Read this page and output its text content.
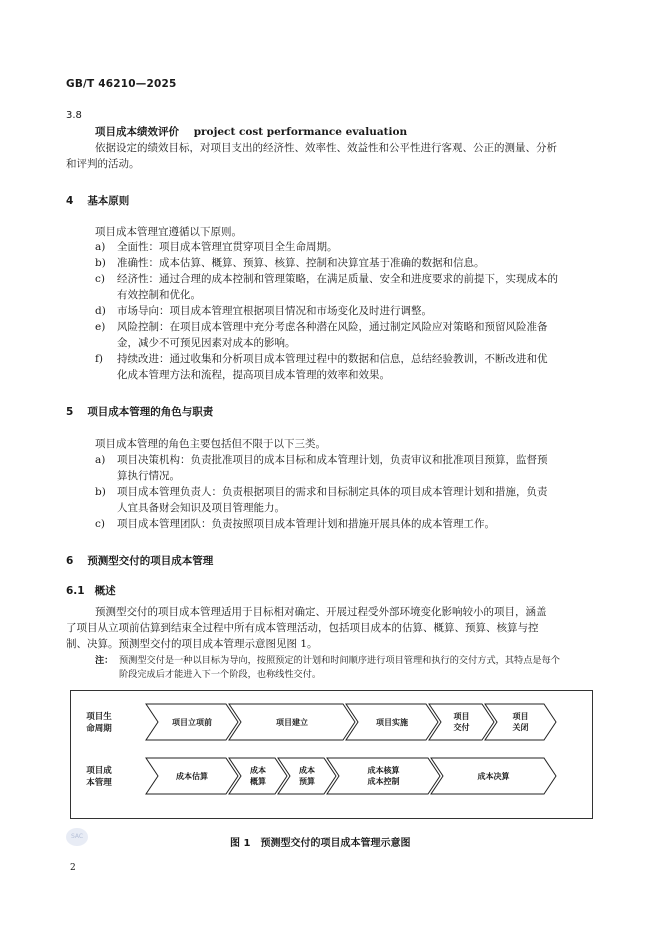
GB/T 46210—2025
3.8
项目成本绩效评价 project cost performance evaluation
依据设定的绩效目标，对项目支出的经济性、效率性、效益性和公平性进行客观、公正的测量、分析
和评判的活动。
4 基本原则
项目成本管理宜遵循以下原则。
a) 全面性：项目成本管理宜贯穿项目全生命周期。
b) 准确性：成本估算、概算、预算、核算、控制和决算宜基于准确的数据和信息。
c) 经济性：通过合理的成本控制和管理策略，在满足质量、安全和进度要求的前提下，实现成本的
有效控制和优化。
d) 市场导向：项目成本管理宜根据项目情况和市场变化及时进行调整。
e) 风险控制：在项目成本管理中充分考虑各种潜在风险，通过制定风险应对策略和预留风险准备
金，减少不可预见因素对成本的影响。
f) 持续改进：通过收集和分析项目成本管理过程中的数据和信息，总结经验教训，不断改进和优
化成本管理方法和流程，提高项目成本管理的效率和效果。
5 项目成本管理的角色与职责
项目成本管理的角色主要包括但不限于以下三类。
a) 项目决策机构：负责批准项目的成本目标和成本管理计划，负责审议和批准项目预算，监督预
算执行情况。
b) 项目成本管理负责人：负责根据项目的需求和目标制定具体的项目成本管理计划和措施，负责
人宜具备财会知识及项目管理能力。
c) 项目成本管理团队：负责按照项目成本管理计划和措施开展具体的成本管理工作。
6 预测型交付的项目成本管理
6.1 概述
预测型交付的项目成本管理适用于目标相对确定、开展过程受外部环境变化影响较小的项目，涵盖
了项目从立项前估算到结束全过程中所有成本管理活动，包括项目成本的估算、概算、预算、核算与控
制、决算。预测型交付的项目成本管理示意图见图 1。
注： 预测型交付是一种以目标为导向，按照预定的计划和时间顺序进行项目管理和执行的交付方式，其特点是每个
阶段完成后才能进入下一个阶段，也称线性交付。
项目生
命周期
项目成
本管理
项目立项前	项目建立	项目实施
项目
交付
项目
关闭
成本估算
成本
概算
成本
预算
成本核算
成本控制	成本决算
图 1 预测型交付的项目成本管理示意图
SAC
2
